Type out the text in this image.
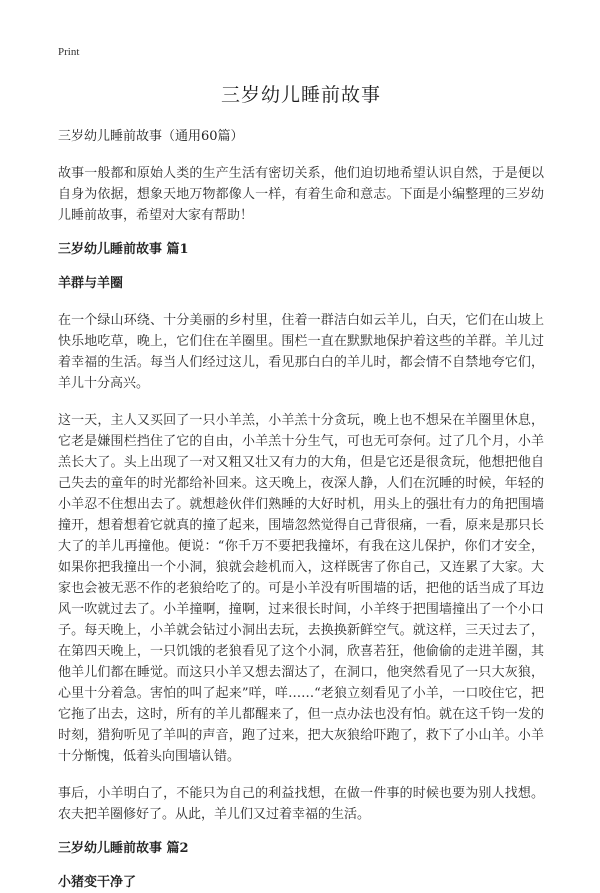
Print
三岁幼儿睡前故事
三岁幼儿睡前故事（通用60篇）

故事一般都和原始人类的生产生活有密切关系，他们迫切地希望认识自然，于是便以自身为依据，想象天地万物都像人一样，有着生命和意志。下面是小编整理的三岁幼儿睡前故事，希望对大家有帮助！

三岁幼儿睡前故事 篇1
羊群与羊圈

在一个绿山环绕、十分美丽的乡村里，住着一群洁白如云羊儿，白天，它们在山坡上快乐地吃草，晚上，它们住在羊圈里。围栏一直在默默地保护着这些的羊群。羊儿过着幸福的生活。每当人们经过这儿，看见那白白的羊儿时，都会情不自禁地夸它们，羊儿十分高兴。

这一天，主人又买回了一只小羊羔，小羊羔十分贪玩，晚上也不想呆在羊圈里休息，它老是嫌围栏挡住了它的自由，小羊羔十分生气，可也无可奈何。过了几个月，小羊羔长大了。头上出现了一对又粗又壮又有力的大角，但是它还是很贪玩，他想把他自己失去的童年的时光都给补回来。这天晚上，夜深人静，人们在沉睡的时候，年轻的小羊忍不住想出去了。就想趁伙伴们熟睡的大好时机，用头上的强壮有力的角把围墙撞开，想着想着它就真的撞了起来，围墙忽然觉得自己背很痛，一看，原来是那只长大了的羊儿再撞他。便说：“你千万不要把我撞坏，有我在这儿保护，你们才安全，如果你把我撞出一个小洞，狼就会趁机而入，这样既害了你自己，又连累了大家。大家也会被无恶不作的老狼给吃了的。可是小羊没有听围墙的话，把他的话当成了耳边风一吹就过去了。小羊撞啊，撞啊，过来很长时间，小羊终于把围墙撞出了一个小口子。每天晚上，小羊就会钻过小洞出去玩，去换换新鲜空气。就这样，三天过去了，在第四天晚上，一只饥饿的老狼看见了这个小洞，欣喜若狂，他偷偷的走进羊圈，其他羊儿们都在睡觉。而这只小羊又想去溜达了，在洞口，他突然看见了一只大灰狼，心里十分着急。害怕的叫了起来”咩，咩……“老狼立刻看见了小羊，一口咬住它，把它拖了出去，这时，所有的羊儿都醒来了，但一点办法也没有怕。就在这千钧一发的时刻，猎狗听见了羊叫的声音，跑了过来，把大灰狼给吓跑了，救下了小山羊。小羊十分惭愧，低着头向围墙认错。

事后，小羊明白了，不能只为自己的利益找想，在做一件事的时候也要为别人找想。农夫把羊圈修好了。从此，羊儿们又过着幸福的生活。

三岁幼儿睡前故事 篇2
小猪变干净了
